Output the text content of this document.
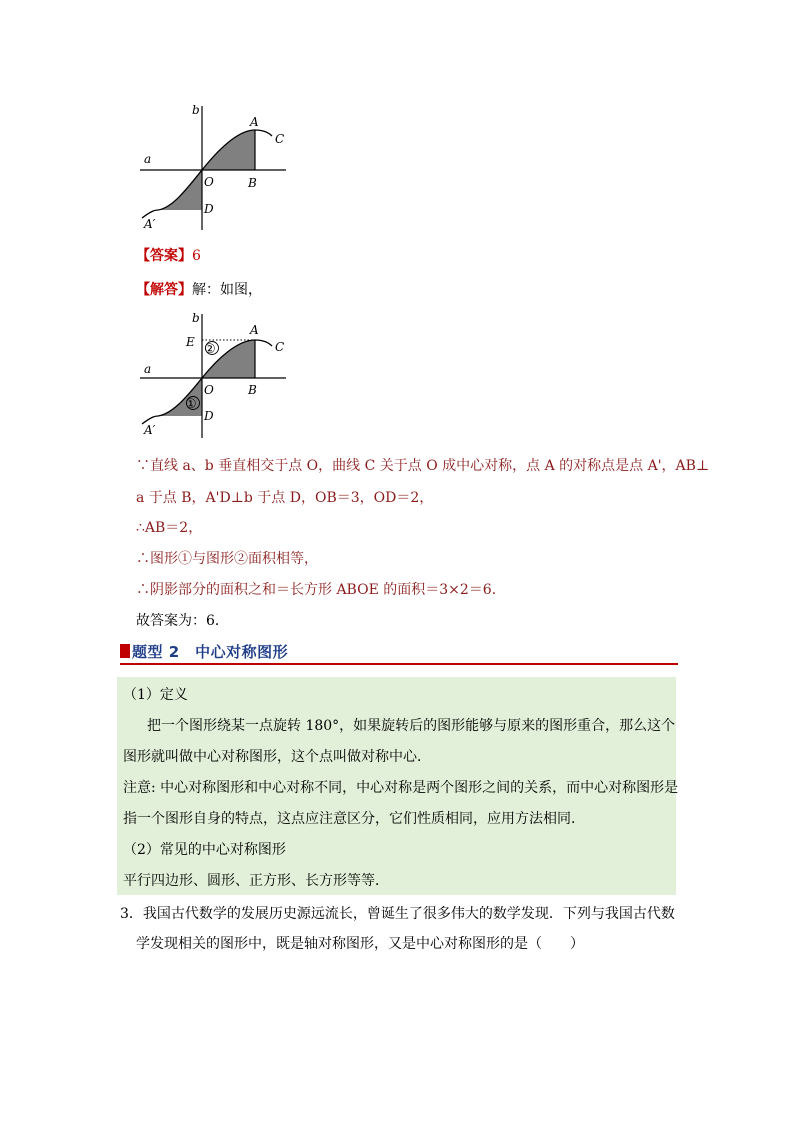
b
a
A
C
O	B
D
A′
【答案】6
【解答】解：如图，
②
①
b
a
A
C
E
O	B
D
A′
∵直线 a、b 垂直相交于点 O，曲线 C 关于点 O 成中心对称，点 A 的对称点是点 A'，AB⊥
a 于点 B，A'D⊥b 于点 D，OB＝3，OD＝2，
∴AB＝2，
∴图形①与图形②面积相等，
∴阴影部分的面积之和＝长方形 ABOE 的面积＝3×2＝6．
故答案为：6．
题型 2　中心对称图形
（1）定义
把一个图形绕某一点旋转 180°，如果旋转后的图形能够与原来的图形重合，那么这个
图形就叫做中心对称图形，这个点叫做对称中心．
注意: 中心对称图形和中心对称不同，中心对称是两个图形之间的关系，而中心对称图形是
指一个图形自身的特点，这点应注意区分，它们性质相同，应用方法相同．
（2）常见的中心对称图形
平行四边形、圆形、正方形、长方形等等．
3．我国古代数学的发展历史源远流长，曾诞生了很多伟大的数学发现．下列与我国古代数
学发现相关的图形中，既是轴对称图形，又是中心对称图形的是（　　）
